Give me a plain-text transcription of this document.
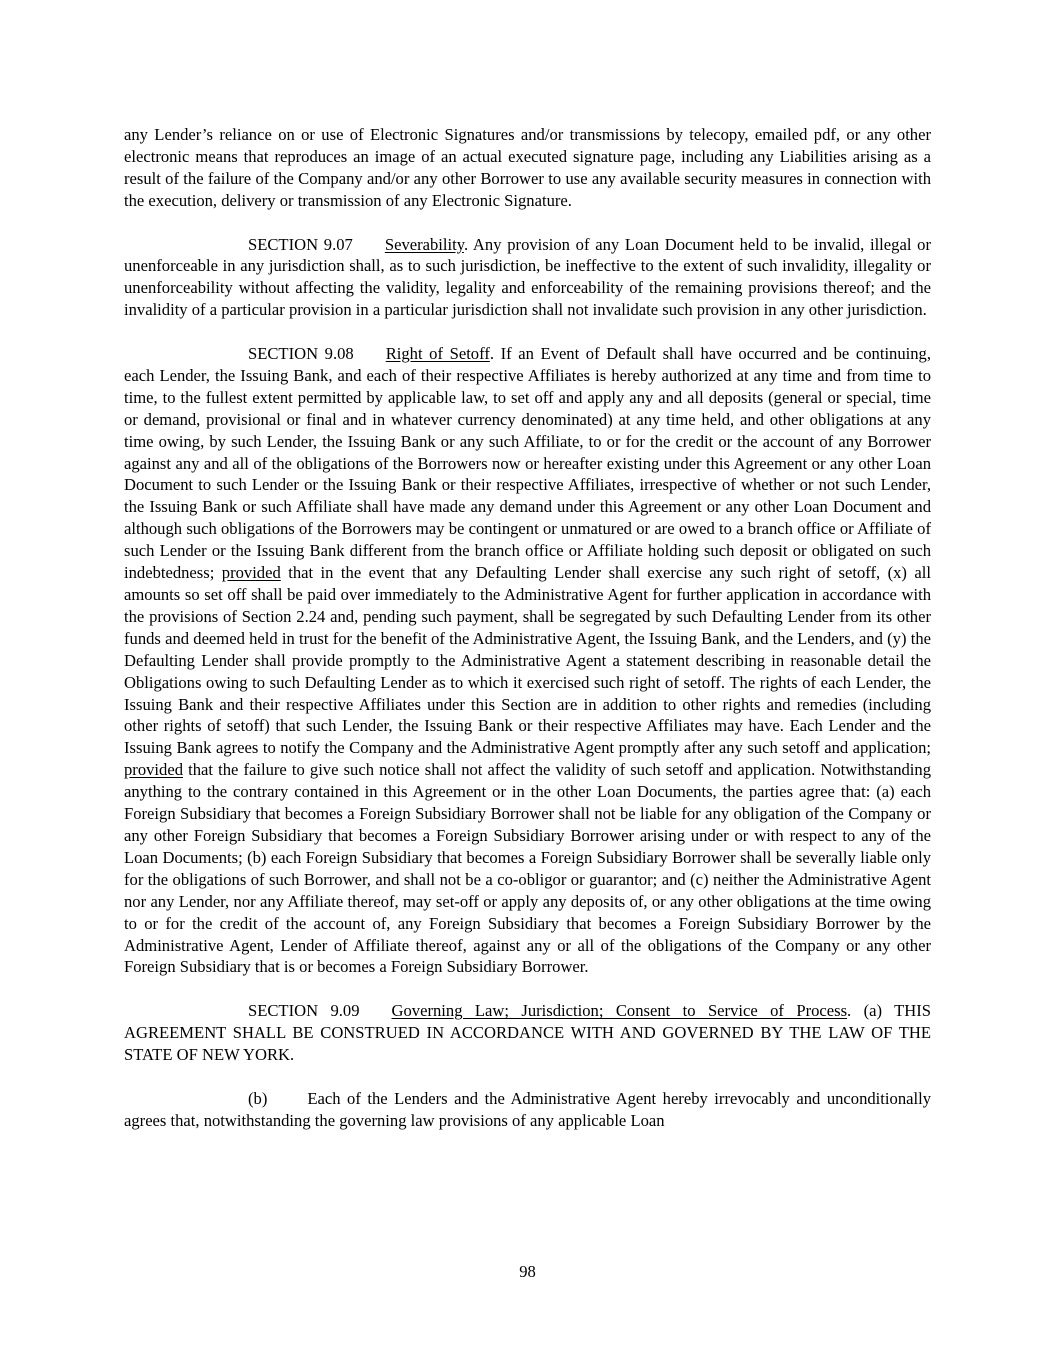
any Lender’s reliance on or use of Electronic Signatures and/or transmissions by telecopy, emailed pdf, or any other electronic means that reproduces an image of an actual executed signature page, including any Liabilities arising as a result of the failure of the Company and/or any other Borrower to use any available security measures in connection with the execution, delivery or transmission of any Electronic Signature.

SECTION 9.07 Severability. Any provision of any Loan Document held to be invalid, illegal or unenforceable in any jurisdiction shall, as to such jurisdiction, be ineffective to the extent of such invalidity, illegality or unenforceability without affecting the validity, legality and enforceability of the remaining provisions thereof; and the invalidity of a particular provision in a particular jurisdiction shall not invalidate such provision in any other jurisdiction.

SECTION 9.08 Right of Setoff. If an Event of Default shall have occurred and be continuing, each Lender, the Issuing Bank, and each of their respective Affiliates is hereby authorized at any time and from time to time, to the fullest extent permitted by applicable law, to set off and apply any and all deposits (general or special, time or demand, provisional or final and in whatever currency denominated) at any time held, and other obligations at any time owing, by such Lender, the Issuing Bank or any such Affiliate, to or for the credit or the account of any Borrower against any and all of the obligations of the Borrowers now or hereafter existing under this Agreement or any other Loan Document to such Lender or the Issuing Bank or their respective Affiliates, irrespective of whether or not such Lender, the Issuing Bank or such Affiliate shall have made any demand under this Agreement or any other Loan Document and although such obligations of the Borrowers may be contingent or unmatured or are owed to a branch office or Affiliate of such Lender or the Issuing Bank different from the branch office or Affiliate holding such deposit or obligated on such indebtedness; provided that in the event that any Defaulting Lender shall exercise any such right of setoff, (x) all amounts so set off shall be paid over immediately to the Administrative Agent for further application in accordance with the provisions of Section 2.24 and, pending such payment, shall be segregated by such Defaulting Lender from its other funds and deemed held in trust for the benefit of the Administrative Agent, the Issuing Bank, and the Lenders, and (y) the Defaulting Lender shall provide promptly to the Administrative Agent a statement describing in reasonable detail the Obligations owing to such Defaulting Lender as to which it exercised such right of setoff. The rights of each Lender, the Issuing Bank and their respective Affiliates under this Section are in addition to other rights and remedies (including other rights of setoff) that such Lender, the Issuing Bank or their respective Affiliates may have. Each Lender and the Issuing Bank agrees to notify the Company and the Administrative Agent promptly after any such setoff and application; provided that the failure to give such notice shall not affect the validity of such setoff and application. Notwithstanding anything to the contrary contained in this Agreement or in the other Loan Documents, the parties agree that: (a) each Foreign Subsidiary that becomes a Foreign Subsidiary Borrower shall not be liable for any obligation of the Company or any other Foreign Subsidiary that becomes a Foreign Subsidiary Borrower arising under or with respect to any of the Loan Documents; (b) each Foreign Subsidiary that becomes a Foreign Subsidiary Borrower shall be severally liable only for the obligations of such Borrower, and shall not be a co-obligor or guarantor; and (c) neither the Administrative Agent nor any Lender, nor any Affiliate thereof, may set-off or apply any deposits of, or any other obligations at the time owing to or for the credit of the account of, any Foreign Subsidiary that becomes a Foreign Subsidiary Borrower by the Administrative Agent, Lender of Affiliate thereof, against any or all of the obligations of the Company or any other Foreign Subsidiary that is or becomes a Foreign Subsidiary Borrower.

SECTION 9.09 Governing Law; Jurisdiction; Consent to Service of Process. (a) THIS AGREEMENT SHALL BE CONSTRUED IN ACCORDANCE WITH AND GOVERNED BY THE LAW OF THE STATE OF NEW YORK.

(b) Each of the Lenders and the Administrative Agent hereby irrevocably and unconditionally agrees that, notwithstanding the governing law provisions of any applicable Loan

98
